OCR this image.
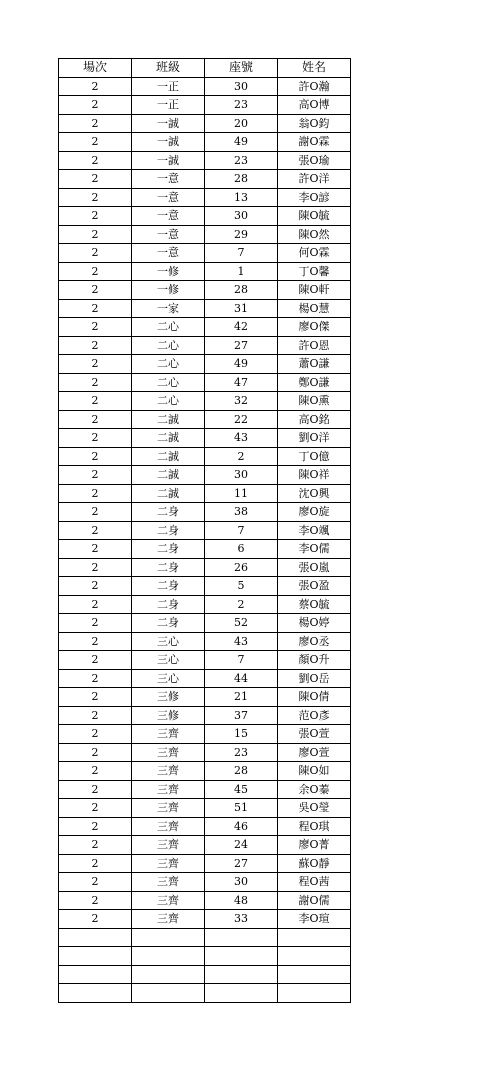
場次	班級	座號	姓名
2	一正	30	許O瀚
2	一正	23	高O博
2	一誠	20	翁O鈞
2	一誠	49	謝O霖
2	一誠	23	張O瑜
2	一意	28	許O洋
2	一意	13	李O諺
2	一意	30	陳O毓
2	一意	29	陳O然
2	一意	7	何O霖
2	一修	1	丁O馨
2	一修	28	陳O軒
2	一家	31	楊O慧
2	二心	42	廖O傑
2	二心	27	許O恩
2	二心	49	蕭O謙
2	二心	47	鄭O謙
2	二心	32	陳O熏
2	二誠	22	高O銘
2	二誠	43	劉O洋
2	二誠	2	丁O億
2	二誠	30	陳O祥
2	二誠	11	沈O興
2	二身	38	廖O旋
2	二身	7	李O颯
2	二身	6	李O儒
2	二身	26	張O嵐
2	二身	5	張O盈
2	二身	2	蔡O毓
2	二身	52	楊O婷
2	三心	43	廖O丞
2	三心	7	顏O升
2	三心	44	劉O岳
2	三修	21	陳O倩
2	三修	37	范O彥
2	三齊	15	張O萱
2	三齊	23	廖O萱
2	三齊	28	陳O如
2	三齊	45	余O蓁
2	三齊	51	吳O瑩
2	三齊	46	程O琪
2	三齊	24	廖O菁
2	三齊	27	蘇O靜
2	三齊	30	程O茜
2	三齊	48	謝O儒
2	三齊	33	李O瑄
